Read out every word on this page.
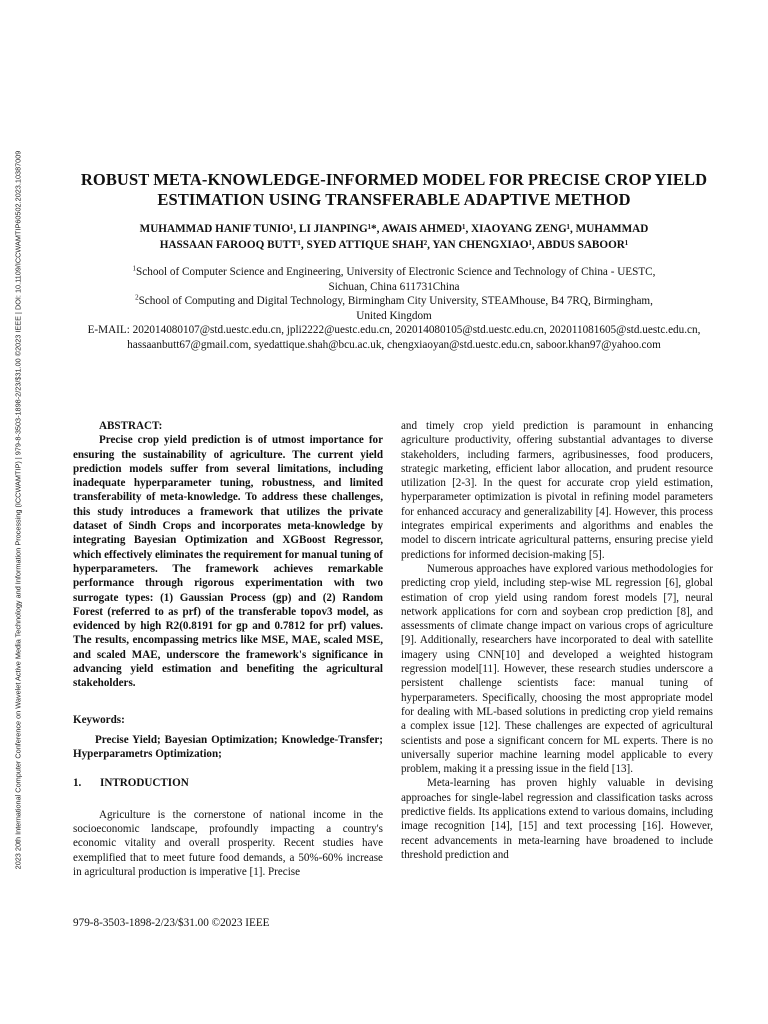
2023 20th International Computer Conference on Wavelet Active Media Technology and Information Processing (ICCWAMTIP) | 979-8-3503-1898-2/23/$31.00 ©2023 IEEE | DOI: 10.1109/ICCWAMTIP60502.2023.10387009	ROBUST META-KNOWLEDGE-INFORMED MODEL FOR PRECISE CROP YIELD ESTIMATION USING TRANSFERABLE ADAPTIVE METHOD
MUHAMMAD HANIF TUNIO¹, LI JIANPING¹*, AWAIS AHMED¹, XIAOYANG ZENG¹, MUHAMMAD
HASSAAN FAROOQ BUTT¹, SYED ATTIQUE SHAH², YAN CHENGXIAO¹, ABDUS SABOOR¹
$^1$School of Computer Science and Engineering, University of Electronic Science and Technology of China - UESTC,
Sichuan, China 611731China
$^2$School of Computing and Digital Technology, Birmingham City University, STEAMhouse, B4 7RQ, Birmingham,
United Kingdom
E-MAIL: 202014080107@std.uestc.edu.cn, jpli2222@uestc.edu.cn, 202014080105@std.uestc.edu.cn, 202011081605@std.uestc.edu.cn,
hassaanbutt67@gmail.com, syedattique.shah@bcu.ac.uk, chengxiaoyan@std.uestc.edu.cn, saboor.khan97@yahoo.com

ABSTRACT:

Precise crop yield prediction is of utmost importance for ensuring the sustainability of agriculture. The current yield prediction models suffer from several limitations, including inadequate hyperparameter tuning, robustness, and limited transferability of meta-knowledge. To address these challenges, this study introduces a framework that utilizes the private dataset of Sindh Crops and incorporates meta-knowledge by integrating Bayesian Optimization and XGBoost Regressor, which effectively eliminates the requirement for manual tuning of hyperparameters. The framework achieves remarkable performance through rigorous experimentation with two surrogate types: (1) Gaussian Process (gp) and (2) Random Forest (referred to as prf) of the transferable topov3 model, as evidenced by high R2(0.8191 for gp and 0.7812 for prf) values. The results, encompassing metrics like MSE, MAE, scaled MSE, and scaled MAE, underscore the framework's significance in advancing yield estimation and benefiting the agricultural stakeholders.

Keywords:

Precise Yield; Bayesian Optimization; Knowledge-Transfer; Hyperparametrs Optimization;

1. INTRODUCTION

Agriculture is the cornerstone of national income in the socioeconomic landscape, profoundly impacting a country's economic vitality and overall prosperity. Recent studies have exemplified that to meet future food demands, a 50%-60% increase in agricultural production is imperative [1]. Precise

and timely crop yield prediction is paramount in enhancing agriculture productivity, offering substantial advantages to diverse stakeholders, including farmers, agribusinesses, food producers, strategic marketing, efficient labor allocation, and prudent resource utilization [2-3]. In the quest for accurate crop yield estimation, hyperparameter optimization is pivotal in refining model parameters for enhanced accuracy and generalizability [4]. However, this process integrates empirical experiments and algorithms and enables the model to discern intricate agricultural patterns, ensuring precise yield predictions for informed decision-making [5].

Numerous approaches have explored various methodologies for predicting crop yield, including step-wise ML regression [6], global estimation of crop yield using random forest models [7], neural network applications for corn and soybean crop prediction [8], and assessments of climate change impact on various crops of agriculture [9]. Additionally, researchers have incorporated to deal with satellite imagery using CNN[10] and developed a weighted histogram regression model[11]. However, these research studies underscore a persistent challenge scientists face: manual tuning of hyperparameters. Specifically, choosing the most appropriate model for dealing with ML-based solutions in predicting crop yield remains a complex issue [12]. These challenges are expected of agricultural scientists and pose a significant concern for ML experts. There is no universally superior machine learning model applicable to every problem, making it a pressing issue in the field [13].

Meta-learning has proven highly valuable in devising approaches for single-label regression and classification tasks across predictive fields. Its applications extend to various domains, including image recognition [14], [15] and text processing [16]. However, recent advancements in meta-learning have broadened to include threshold prediction and

979-8-3503-1898-2/23/$31.00 ©2023 IEEE
